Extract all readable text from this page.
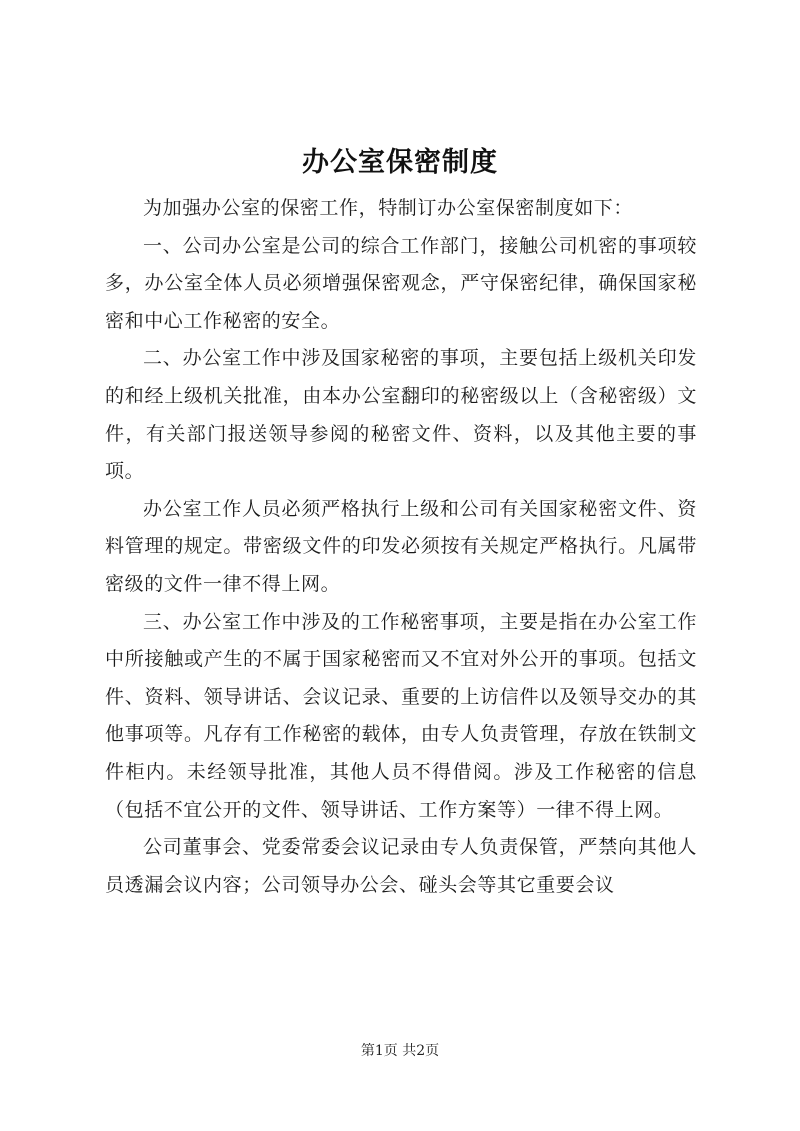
办公室保密制度

为加强办公室的保密工作，特制订办公室保密制度如下：

一、公司办公室是公司的综合工作部门，接触公司机密的事项较多，办公室全体人员必须增强保密观念，严守保密纪律，确保国家秘密和中心工作秘密的安全。

二、办公室工作中涉及国家秘密的事项，主要包括上级机关印发的和经上级机关批准，由本办公室翻印的秘密级以上（含秘密级）文件，有关部门报送领导参阅的秘密文件、资料，以及其他主要的事项。

办公室工作人员必须严格执行上级和公司有关国家秘密文件、资料管理的规定。带密级文件的印发必须按有关规定严格执行。凡属带密级的文件一律不得上网。

三、办公室工作中涉及的工作秘密事项，主要是指在办公室工作中所接触或产生的不属于国家秘密而又不宜对外公开的事项。包括文件、资料、领导讲话、会议记录、重要的上访信件以及领导交办的其他事项等。凡存有工作秘密的载体，由专人负责管理，存放在铁制文件柜内。未经领导批准，其他人员不得借阅。涉及工作秘密的信息（包括不宜公开的文件、领导讲话、工作方案等）一律不得上网。

公司董事会、党委常委会议记录由专人负责保管，严禁向其他人员透漏会议内容；公司领导办公会、碰头会等其它重要会议

第1页 共2页
